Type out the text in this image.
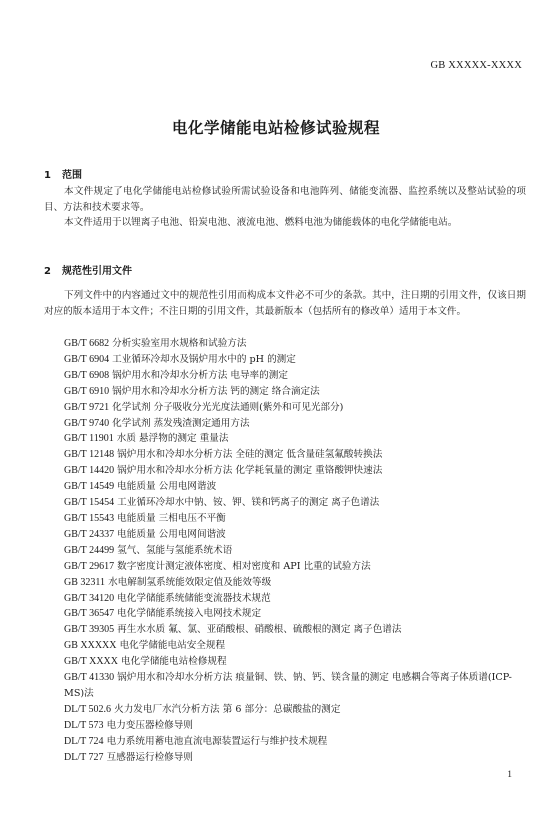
GB XXXXX-XXXX
电化学储能电站检修试验规程
1 范围

本文件规定了电化学储能电站检修试验所需试验设备和电池阵列、储能变流器、监控系统以及整站试验的项目、方法和技术要求等。

本文件适用于以锂离子电池、铅炭电池、液流电池、燃料电池为储能载体的电化学储能电站。

2 规范性引用文件

下列文件中的内容通过文中的规范性引用而构成本文件必不可少的条款。其中，注日期的引用文件，仅该日期对应的版本适用于本文件；不注日期的引用文件，其最新版本（包括所有的修改单）适用于本文件。

GB/T 6682 分析实验室用水规格和试验方法
GB/T 6904 工业循环冷却水及锅炉用水中的 pH 的测定
GB/T 6908 锅炉用水和冷却水分析方法 电导率的测定
GB/T 6910 锅炉用水和冷却水分析方法 钙的测定 络合滴定法
GB/T 9721 化学试剂 分子吸收分光光度法通则(紫外和可见光部分)
GB/T 9740 化学试剂 蒸发残渣测定通用方法
GB/T 11901 水质 悬浮物的测定 重量法
GB/T 12148 锅炉用水和冷却水分析方法 全硅的测定 低含量硅氢氟酸转换法
GB/T 14420 锅炉用水和冷却水分析方法 化学耗氧量的测定 重铬酸钾快速法
GB/T 14549 电能质量 公用电网谐波
GB/T 15454 工业循环冷却水中钠、铵、钾、镁和钙离子的测定 离子色谱法
GB/T 15543 电能质量 三相电压不平衡
GB/T 24337 电能质量 公用电网间谐波
GB/T 24499 氢气、氢能与氢能系统术语
GB/T 29617 数字密度计测定液体密度、相对密度和 API 比重的试验方法
GB 32311 水电解制氢系统能效限定值及能效等级
GB/T 34120 电化学储能系统储能变流器技术规范
GB/T 36547 电化学储能系统接入电网技术规定
GB/T 39305 再生水水质 氟、氯、亚硝酸根、硝酸根、硫酸根的测定 离子色谱法
GB XXXXX 电化学储能电站安全规程
GB/T XXXX 电化学储能电站检修规程
GB/T 41330 锅炉用水和冷却水分析方法 痕量铜、铁、钠、钙、镁含量的测定 电感耦合等离子体质谱(ICP-MS)法
DL/T 502.6 火力发电厂水汽分析方法 第 6 部分：总碳酸盐的测定
DL/T 573 电力变压器检修导则
DL/T 724 电力系统用蓄电池直流电源装置运行与维护技术规程
DL/T 727 互感器运行检修导则
1
